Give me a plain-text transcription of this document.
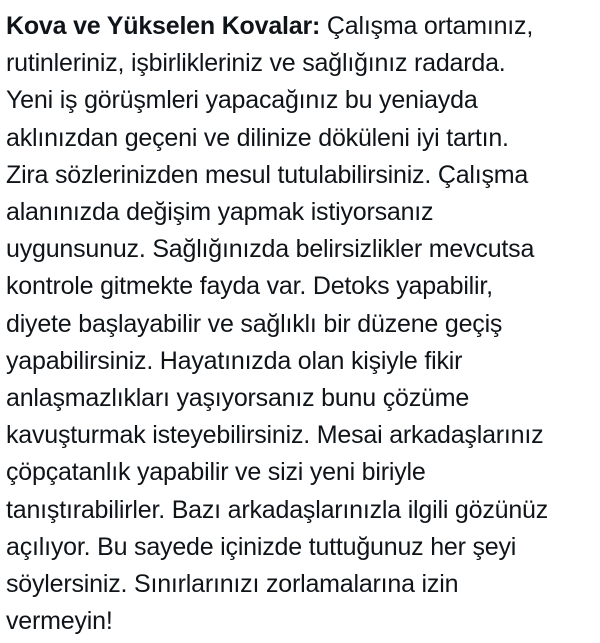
Kova ve Yükselen Kovalar: Çalışma ortamınız,
rutinleriniz, işbirlikleriniz ve sağlığınız radarda.
Yeni iş görüşmleri yapacağınız bu yeniayda
aklınızdan geçeni ve dilinize döküleni iyi tartın.
Zira sözlerinizden mesul tutulabilirsiniz. Çalışma
alanınızda değişim yapmak istiyorsanız
uygunsunuz. Sağlığınızda belirsizlikler mevcutsa
kontrole gitmekte fayda var. Detoks yapabilir,
diyete başlayabilir ve sağlıklı bir düzene geçiş
yapabilirsiniz. Hayatınızda olan kişiyle fikir
anlaşmazlıkları yaşıyorsanız bunu çözüme
kavuşturmak isteyebilirsiniz. Mesai arkadaşlarınız
çöpçatanlık yapabilir ve sizi yeni biriyle
tanıştırabilirler. Bazı arkadaşlarınızla ilgili gözünüz
açılıyor. Bu sayede içinizde tuttuğunuz her şeyi
söylersiniz. Sınırlarınızı zorlamalarına izin
vermeyin!
